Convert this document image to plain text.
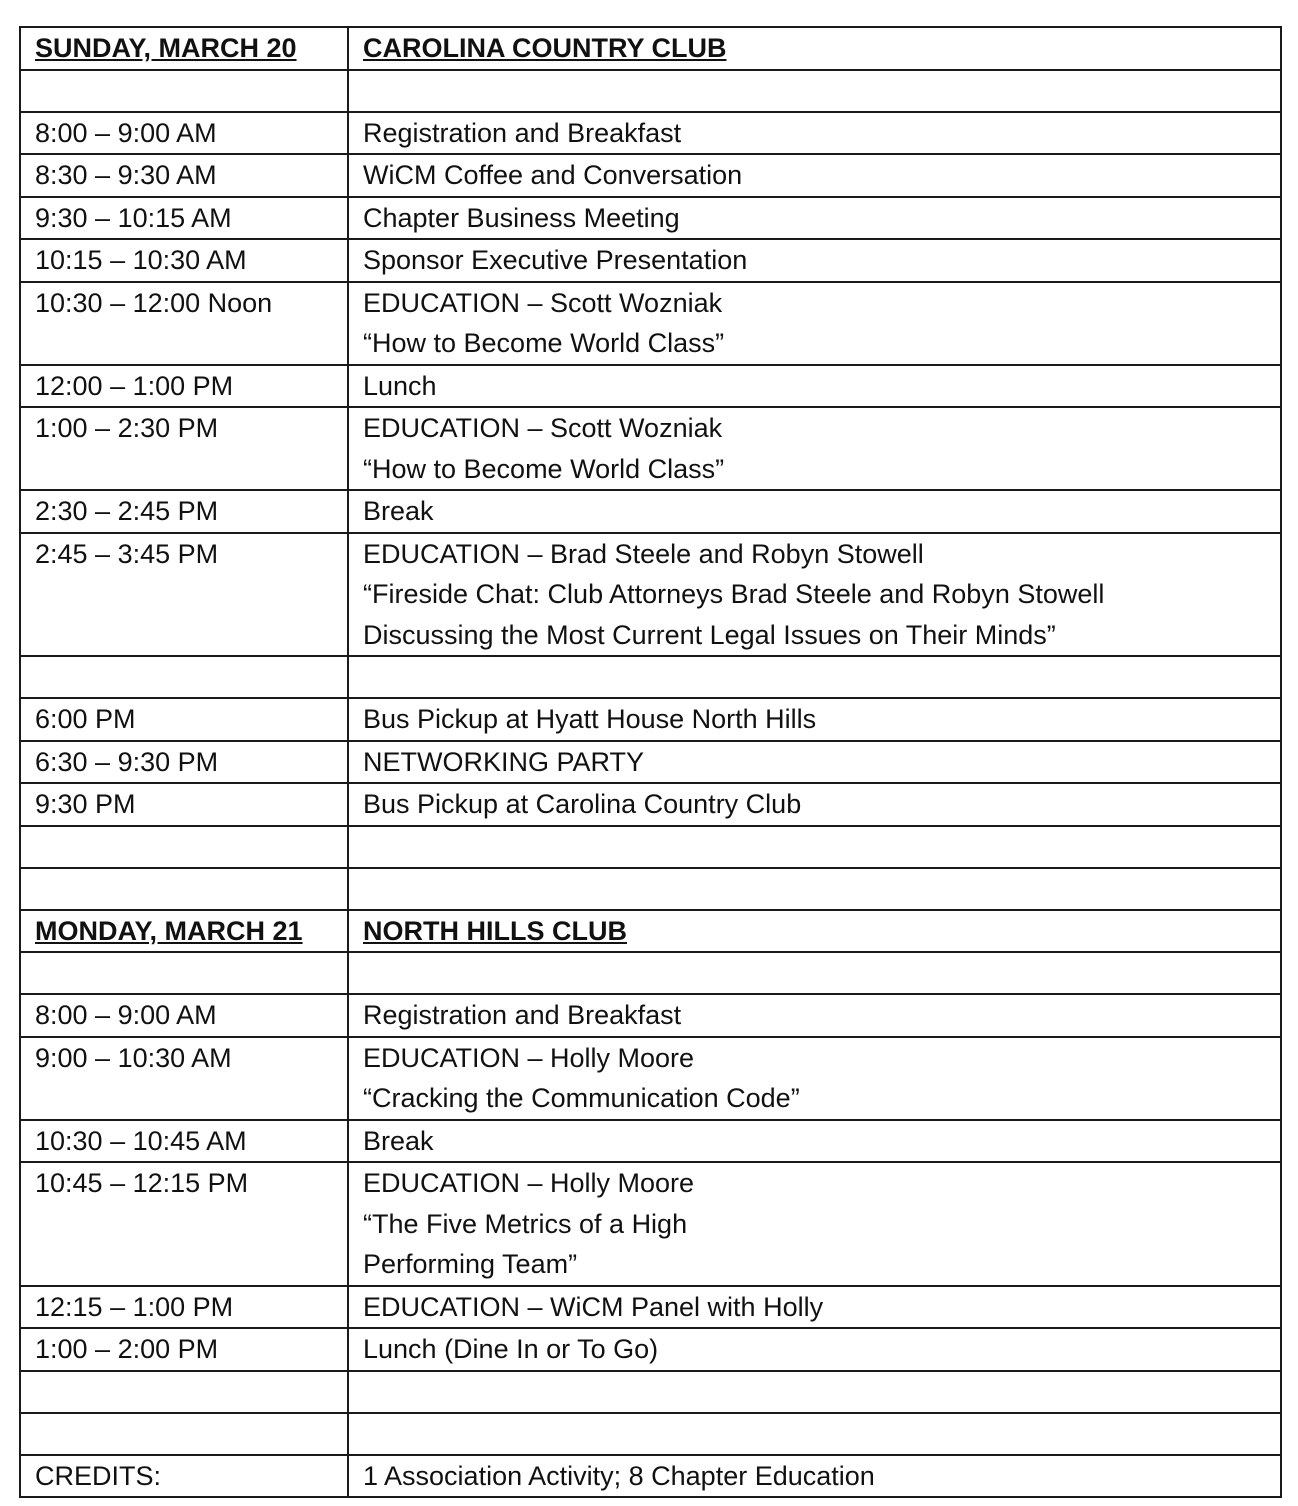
SUNDAY, MARCH 20	CAROLINA COUNTRY CLUB

8:00 – 9:00 AM	Registration and Breakfast

8:30 – 9:30 AM	WiCM Coffee and Conversation

9:30 – 10:15 AM	Chapter Business Meeting

10:15 – 10:30 AM	Sponsor Executive Presentation

10:30 – 12:00 Noon	EDUCATION – Scott Wozniak
“How to Become World Class”

12:00 – 1:00 PM	Lunch

1:00 – 2:30 PM	EDUCATION – Scott Wozniak
“How to Become World Class”

2:30 – 2:45 PM	Break

2:45 – 3:45 PM	EDUCATION – Brad Steele and Robyn Stowell
“Fireside Chat: Club Attorneys Brad Steele and Robyn Stowell
Discussing the Most Current Legal Issues on Their Minds”

6:00 PM	Bus Pickup at Hyatt House North Hills

6:30 – 9:30 PM	NETWORKING PARTY

9:30 PM	Bus Pickup at Carolina Country Club

MONDAY, MARCH 21	NORTH HILLS CLUB

8:00 – 9:00 AM	Registration and Breakfast

9:00 – 10:30 AM	EDUCATION – Holly Moore
“Cracking the Communication Code”

10:30 – 10:45 AM	Break

10:45 – 12:15 PM	EDUCATION – Holly Moore
“The Five Metrics of a High
Performing Team”

12:15 – 1:00 PM	EDUCATION – WiCM Panel with Holly

1:00 – 2:00 PM	Lunch (Dine In or To Go)

CREDITS:	1 Association Activity; 8 Chapter Education
